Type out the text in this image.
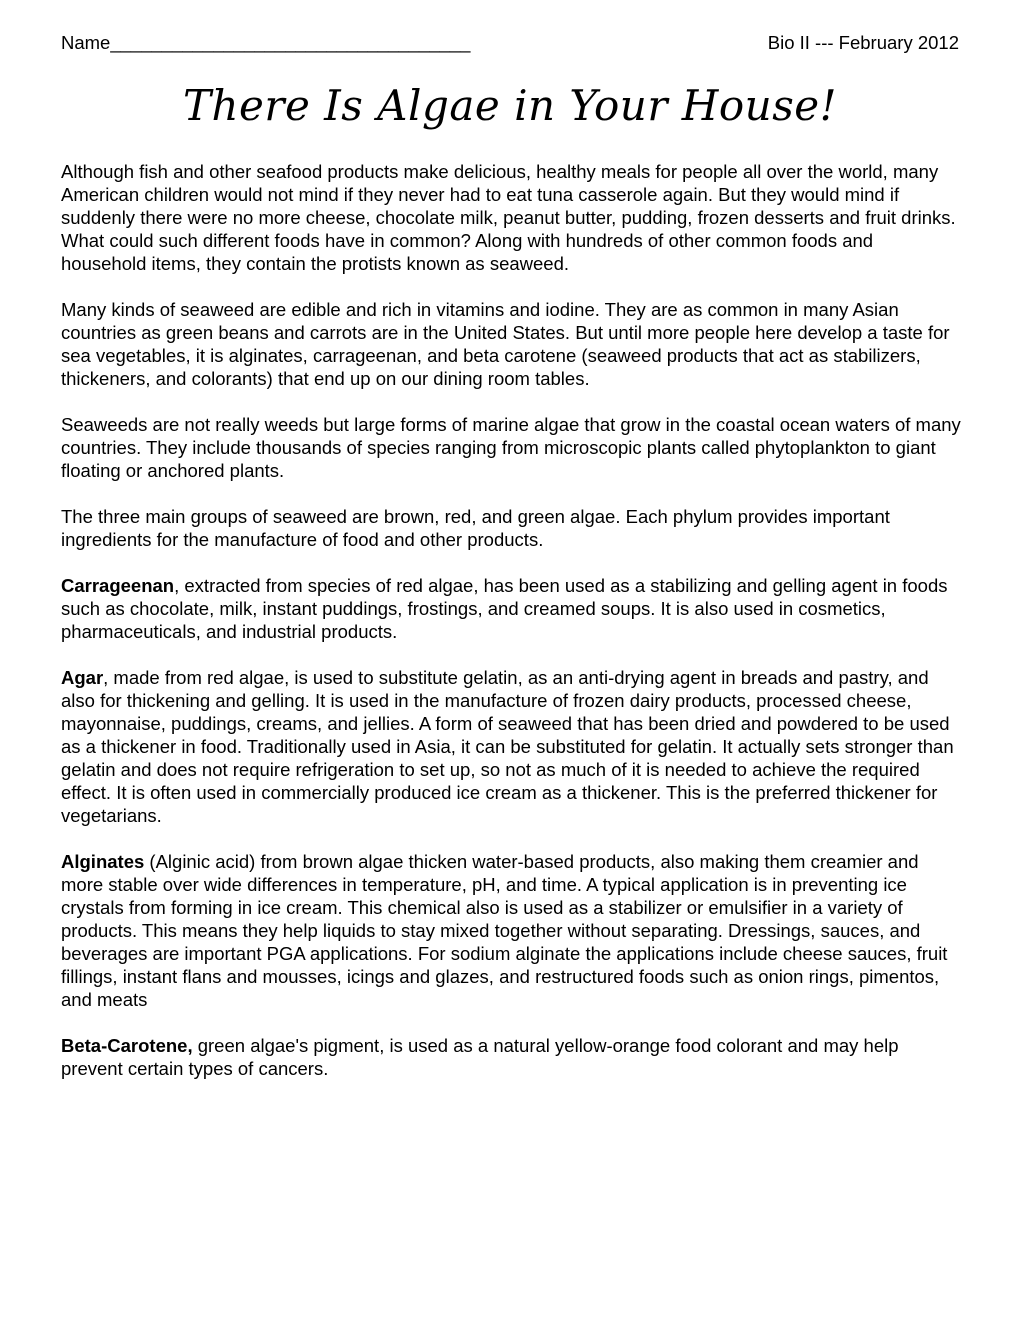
Name___________________________________	Bio II --- February 2012
There Is Algae in Your House!

Although fish and other seafood products make delicious, healthy meals for people all over the world, many American children would not mind if they never had to eat tuna casserole again. But they would mind if suddenly there were no more cheese, chocolate milk, peanut butter, pudding, frozen desserts and fruit drinks. What could such different foods have in common? Along with hundreds of other common foods and household items, they contain the protists known as seaweed.

Many kinds of seaweed are edible and rich in vitamins and iodine. They are as common in many Asian countries as green beans and carrots are in the United States. But until more people here develop a taste for sea vegetables, it is alginates, carrageenan, and beta carotene (seaweed products that act as stabilizers, thickeners, and colorants) that end up on our dining room tables.

Seaweeds are not really weeds but large forms of marine algae that grow in the coastal ocean waters of many countries. They include thousands of species ranging from microscopic plants called phytoplankton to giant floating or anchored plants.

The three main groups of seaweed are brown, red, and green algae. Each phylum provides important ingredients for the manufacture of food and other products.

Carrageenan, extracted from species of red algae, has been used as a stabilizing and gelling agent in foods such as chocolate, milk, instant puddings, frostings, and creamed soups. It is also used in cosmetics, pharmaceuticals, and industrial products.

Agar, made from red algae, is used to substitute gelatin, as an anti-drying agent in breads and pastry, and also for thickening and gelling. It is used in the manufacture of frozen dairy products, processed cheese, mayonnaise, puddings, creams, and jellies. A form of seaweed that has been dried and powdered to be used as a thickener in food. Traditionally used in Asia, it can be substituted for gelatin. It actually sets stronger than gelatin and does not require refrigeration to set up, so not as much of it is needed to achieve the required effect. It is often used in commercially produced ice cream as a thickener. This is the preferred thickener for vegetarians.

Alginates (Alginic acid) from brown algae thicken water-based products, also making them creamier and more stable over wide differences in temperature, pH, and time. A typical application is in preventing ice crystals from forming in ice cream. This chemical also is used as a stabilizer or emulsifier in a variety of products. This means they help liquids to stay mixed together without separating. Dressings, sauces, and beverages are important PGA applications. For sodium alginate the applications include cheese sauces, fruit fillings, instant flans and mousses, icings and glazes, and restructured foods such as onion rings, pimentos, and meats

Beta-Carotene, green algae's pigment, is used as a natural yellow-orange food colorant and may help prevent certain types of cancers.
